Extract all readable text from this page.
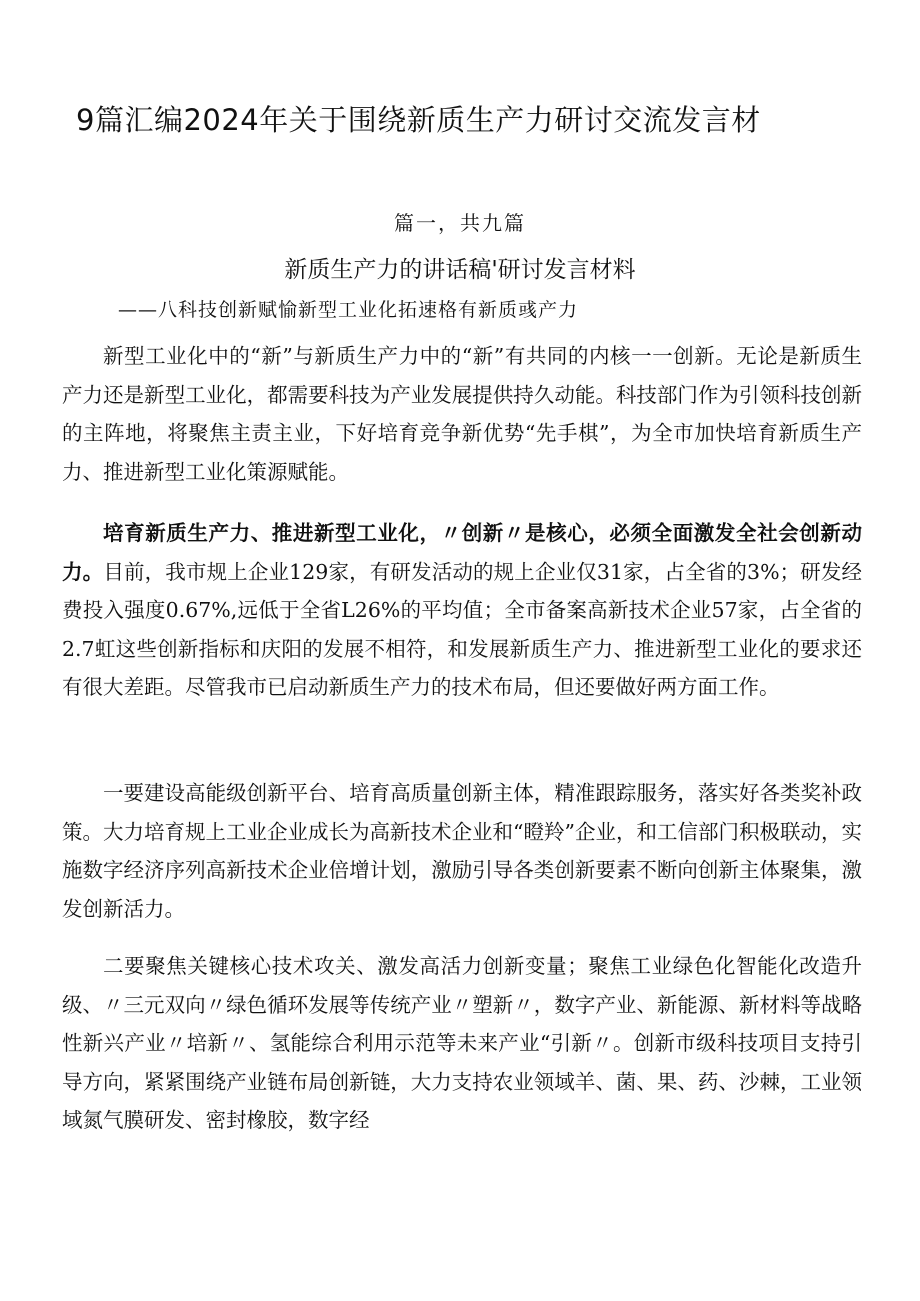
9篇汇编2024年关于围绕新质生产力研讨交流发言材
篇一，共九篇
新质生产力的讲话稿'研讨发言材料
——八科技创新赋愉新型工业化拓速格有新质彧产力

新型工业化中的“新”与新质生产力中的“新”有共同的内核一一创新。无论是新质生产力还是新型工业化，都需要科技为产业发展提供持久动能。科技部门作为引领科技创新的主阵地，将聚焦主责主业，下好培育竞争新优势“先手棋”，为全市加快培育新质生产力、推进新型工业化策源赋能。

培育新质生产力、推进新型工业化，〃创新〃是核心，必须全面激发全社会创新动力。目前，我市规上企业129家，有研发活动的规上企业仅31家，占全省的3%；研发经费投入强度0.67%,远低于全省L26%的平均值；全市备案高新技术企业57家，占全省的2.7虹这些创新指标和庆阳的发展不相符，和发展新质生产力、推进新型工业化的要求还有很大差距。尽管我市已启动新质生产力的技术布局，但还要做好两方面工作。

一要建设高能级创新平台、培育高质量创新主体，精准跟踪服务，落实好各类奖补政策。大力培育规上工业企业成长为高新技术企业和“瞪羚”企业，和工信部门积极联动，实施数字经济序列高新技术企业倍增计划，激励引导各类创新要素不断向创新主体聚集，激发创新活力。

二要聚焦关键核心技术攻关、激发高活力创新变量；聚焦工业绿色化智能化改造升级、〃三元双向〃绿色循环发展等传统产业〃塑新〃，数字产业、新能源、新材料等战略性新兴产业〃培新〃、氢能综合利用示范等未来产业“引新〃。创新市级科技项目支持引导方向，紧紧围绕产业链布局创新链，大力支持农业领域羊、菌、果、药、沙棘，工业领域氮气膜研发、密封橡胶，数字经
